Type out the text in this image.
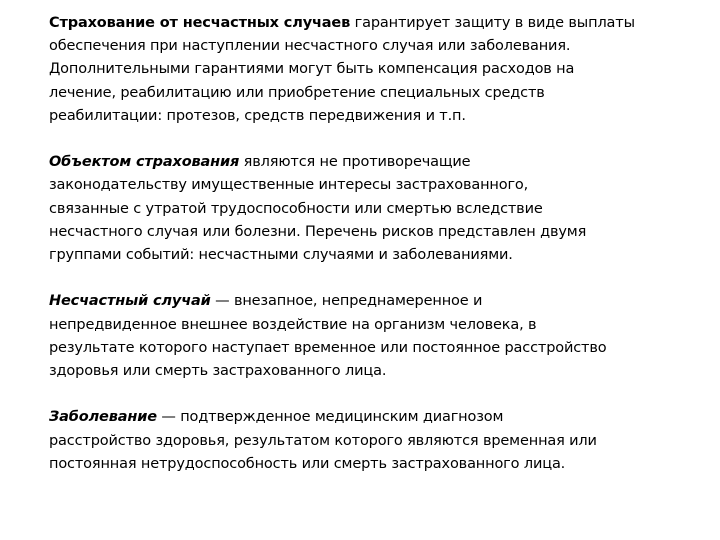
Страхование от несчастных случаев гарантирует защиту в виде выплаты
обеспечения при наступлении несчастного случая или заболевания.
Дополнительными гарантиями могут быть компенсация расходов на
лечение, реабилитацию или приобретение специальных средств
реабилитации: протезов, средств передвижения и т.п.

Объектом страхования являются не противоречащие
законодательству имущественные интересы застрахованного,
связанные с утратой трудоспособности или смертью вследствие
несчастного случая или болезни. Перечень рисков представлен двумя
группами событий: несчастными случаями и заболеваниями.

Несчастный случай — внезапное, непреднамеренное и
непредвиденное внешнее воздействие на организм человека, в
результате которого наступает временное или постоянное расстройство
здоровья или смерть застрахованного лица.

Заболевание — подтвержденное медицинским диагнозом
расстройство здоровья, результатом которого являются временная или
постоянная нетрудоспособность или смерть застрахованного лица.
